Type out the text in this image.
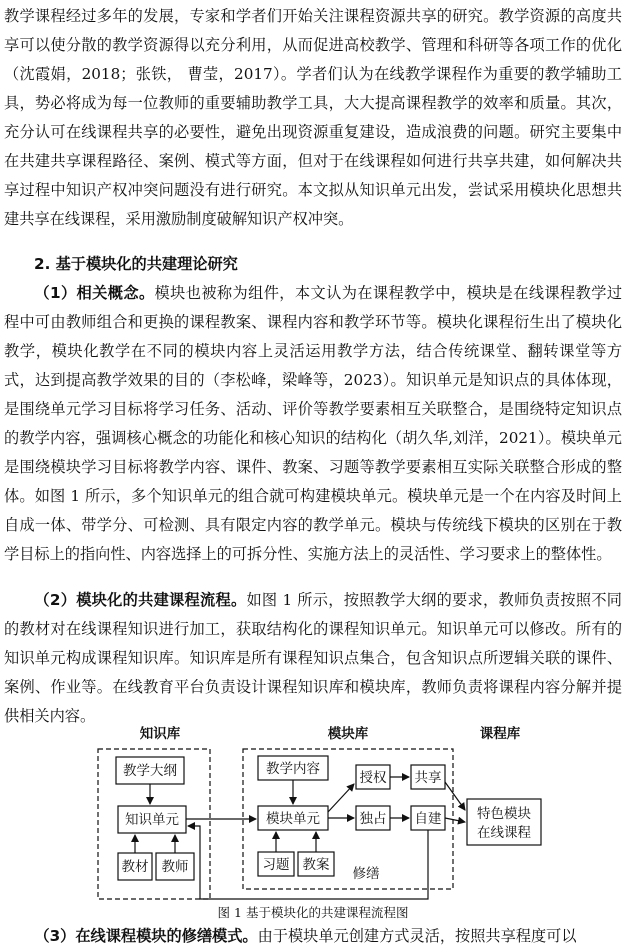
教学课程经过多年的发展，专家和学者们开始关注课程资源共享的研究。教学资源的高度共享可以使分散的教学资源得以充分利用，从而促进高校教学、管理和科研等各项工作的优化（沈霞娟，2018；张铁， 曹莹，2017）。学者们认为在线教学课程作为重要的教学辅助工具，势必将成为每一位教师的重要辅助教学工具，大大提高课程教学的效率和质量。其次，充分认可在线课程共享的必要性，避免出现资源重复建设，造成浪费的问题。研究主要集中在共建共享课程路径、案例、模式等方面，但对于在线课程如何进行共享共建，如何解决共享过程中知识产权冲突问题没有进行研究。本文拟从知识单元出发，尝试采用模块化思想共建共享在线课程，采用激励制度破解知识产权冲突。

2. 基于模块化的共建理论研究

（1）相关概念。模块也被称为组件，本文认为在课程教学中，模块是在线课程教学过程中可由教师组合和更换的课程教案、课程内容和教学环节等。模块化课程衍生出了模块化教学，模块化教学在不同的模块内容上灵活运用教学方法，结合传统课堂、翻转课堂等方式，达到提高教学效果的目的（李松峰，梁峰等，2023）。知识单元是知识点的具体体现，是围绕单元学习目标将学习任务、活动、评价等教学要素相互关联整合，是围绕特定知识点的教学内容，强调核心概念的功能化和核心知识的结构化（胡久华,刘洋，2021）。模块单元是围绕模块学习目标将教学内容、课件、教案、习题等教学要素相互实际关联整合形成的整体。如图 1 所示，多个知识单元的组合就可构建模块单元。模块单元是一个在内容及时间上自成一体、带学分、可检测、具有限定内容的教学单元。模块与传统线下模块的区别在于教学目标上的指向性、内容选择上的可拆分性、实施方法上的灵活性、学习要求上的整体性。

（2）模块化的共建课程流程。如图 1 所示，按照教学大纲的要求，教师负责按照不同的教材对在线课程知识进行加工，获取结构化的课程知识单元。知识单元可以修改。所有的知识单元构成课程知识库。知识库是所有课程知识点集合，包含知识点所逻辑关联的课件、案例、作业等。在线教育平台负责设计课程知识库和模块库，教师负责将课程内容分解并提供相关内容。

知识库	模块库	课程库
教学大纲
知识单元
教材 教师
教学内容
模块单元
习题 教案
修缮
授权 共享
独占 自建	特色模块
在线课程
图 1 基于模块化的共建课程流程图

（3）在线课程模块的修缮模式。由于模块单元创建方式灵活，按照共享程度可以
